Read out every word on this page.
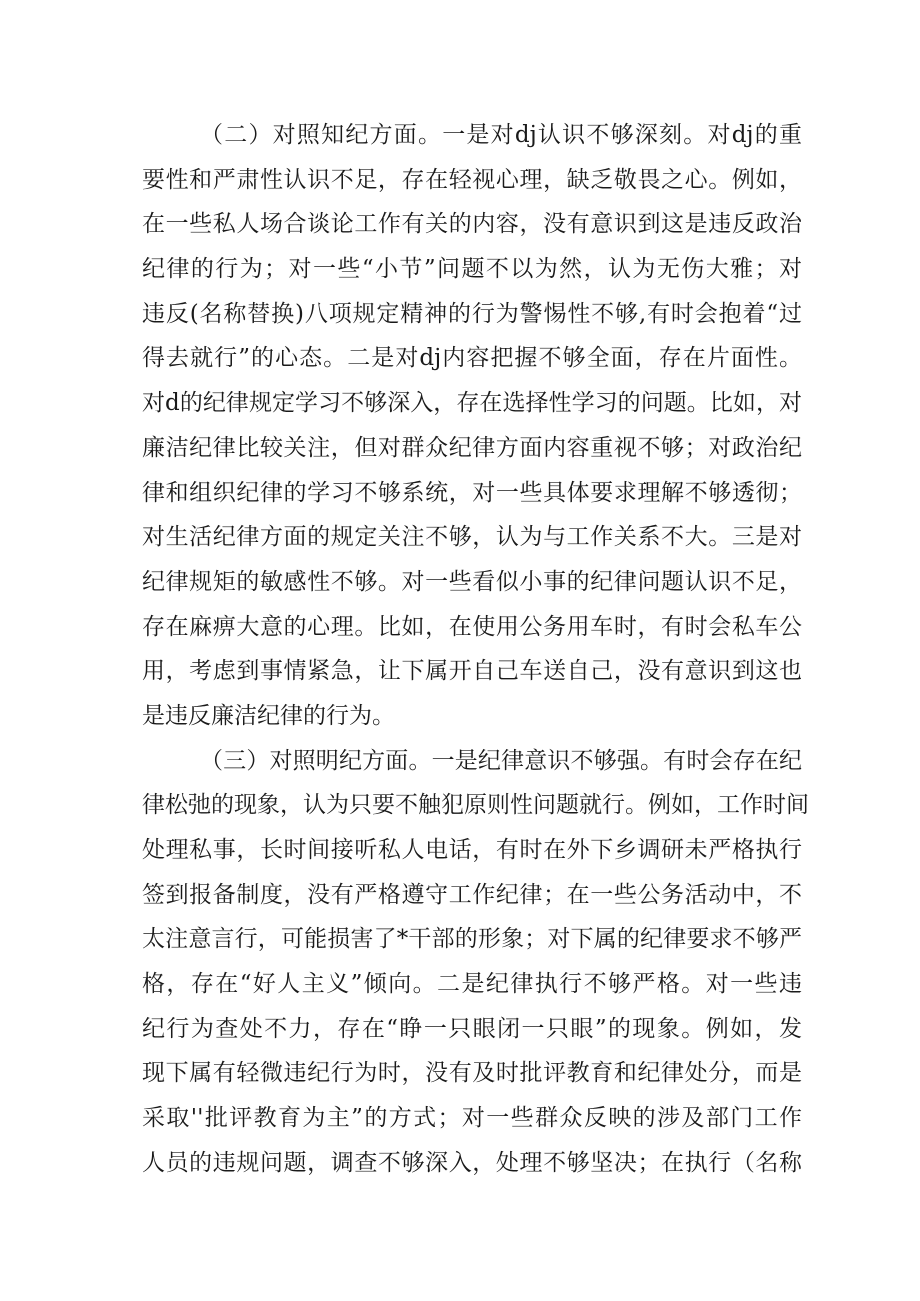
（二）对照知纪方面。一是对dj认识不够深刻。对dj的重
要性和严肃性认识不足，存在轻视心理，缺乏敬畏之心。例如，
在一些私人场合谈论工作有关的内容，没有意识到这是违反政治
纪律的行为；对一些“小节”问题不以为然，认为无伤大雅；对
违反(名称替换)八项规定精神的行为警惕性不够,有时会抱着“过
得去就行”的心态。二是对dj内容把握不够全面，存在片面性。
对d的纪律规定学习不够深入，存在选择性学习的问题。比如，对
廉洁纪律比较关注，但对群众纪律方面内容重视不够；对政治纪
律和组织纪律的学习不够系统，对一些具体要求理解不够透彻；
对生活纪律方面的规定关注不够，认为与工作关系不大。三是对
纪律规矩的敏感性不够。对一些看似小事的纪律问题认识不足，
存在麻痹大意的心理。比如，在使用公务用车时，有时会私车公
用，考虑到事情紧急，让下属开自己车送自己，没有意识到这也
是违反廉洁纪律的行为。

（三）对照明纪方面。一是纪律意识不够强。有时会存在纪
律松弛的现象，认为只要不触犯原则性问题就行。例如，工作时间
处理私事，长时间接听私人电话，有时在外下乡调研未严格执行
签到报备制度，没有严格遵守工作纪律；在一些公务活动中，不
太注意言行，可能损害了*干部的形象；对下属的纪律要求不够严
格，存在“好人主义”倾向。二是纪律执行不够严格。对一些违
纪行为查处不力，存在“睁一只眼闭一只眼”的现象。例如，发
现下属有轻微违纪行为时，没有及时批评教育和纪律处分，而是
采取''批评教育为主”的方式；对一些群众反映的涉及部门工作
人员的违规问题，调查不够深入，处理不够坚决；在执行（名称
